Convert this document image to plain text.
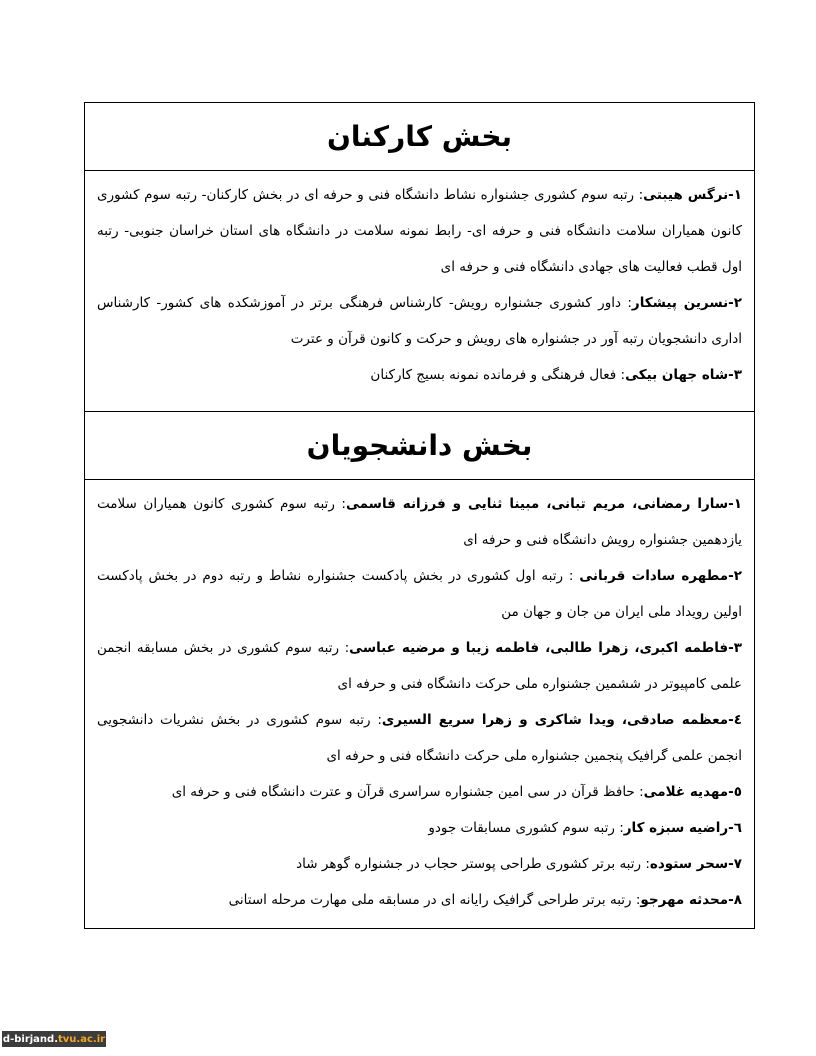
بخش کارکنان

۱-نرگس هیبتی: رتبه سوم کشوری جشنواره نشاط دانشگاه فنی و حرفه ای در بخش کارکنان- رتبه سوم کشوری کانون همیاران سلامت دانشگاه فنی و حرفه ای- رابط نمونه سلامت در دانشگاه های استان خراسان جنوبی- رتبه اول قطب فعالیت های جهادی دانشگاه فنی و حرفه ای

۲-نسرین پیشکار: داور کشوری جشنواره رویش- کارشناس فرهنگی برتر در آموزشکده های کشور- کارشناس اداری دانشجویان رتبه آور در جشنواره های رویش و حرکت و کانون قرآن و عترت

۳-شاه جهان بیکی: فعال فرهنگی و فرمانده نمونه بسیج کارکنان

بخش دانشجویان

۱-سارا رمضانی، مریم تبانی، مبینا ثنایی و فرزانه قاسمی: رتبه سوم کشوری کانون همیاران سلامت یازدهمین جشنواره رویش دانشگاه فنی و حرفه ای

۲-مطهره سادات قربانی : رتبه اول کشوری در بخش پادکست جشنواره نشاط و رتبه دوم در بخش پادکست اولین رویداد ملی ایران من جان و جهان من

۳-فاطمه اکبری، زهرا طالبی، فاطمه زیبا و مرضیه عباسی: رتبه سوم کشوری در بخش مسابقه انجمن علمی کامپیوتر در ششمین جشنواره ملی حرکت دانشگاه فنی و حرفه ای

٤-معظمه صادقی، ویدا شاکری و زهرا سریع السیری: رتبه سوم کشوری در بخش نشریات دانشجویی انجمن علمی گرافیک پنجمین جشنواره ملی حرکت دانشگاه فنی و حرفه ای

٥-مهدیه غلامی: حافظ قرآن در سی امین جشنواره سراسری قرآن و عترت دانشگاه فنی و حرفه ای

٦-راضیه سبزه کار: رتبه سوم کشوری مسابقات جودو

۷-سحر ستوده: رتبه برتر کشوری طراحی پوستر حجاب در جشنواره گوهر شاد

۸-محدثه مهرجو: رتبه برتر طراحی گرافیک رایانه ای در مسابقه ملی مهارت مرحله استانی

d-birjand. tvu.ac.ir
